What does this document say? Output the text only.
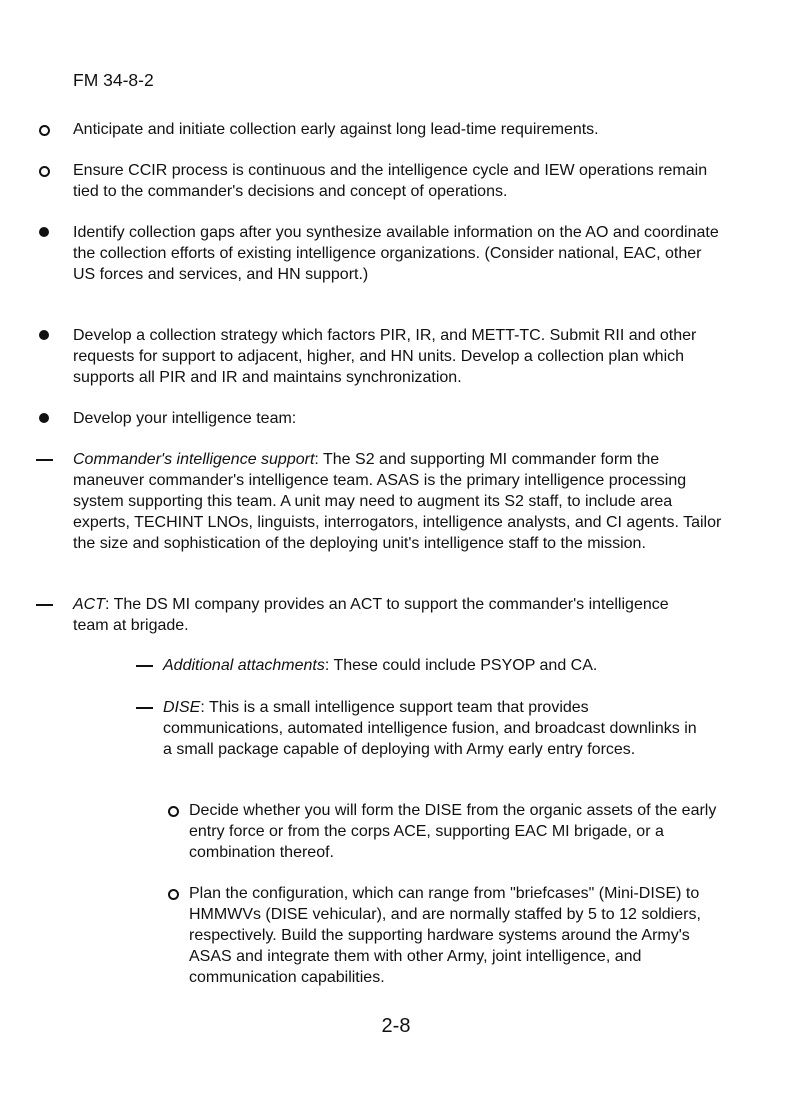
FM 34-8-2
Anticipate and initiate collection early against long lead-time requirements.
Ensure CCIR process is continuous and the intelligence cycle and IEW operations remain tied to the commander's decisions and concept of operations.
Identify collection gaps after you synthesize available information on the AO and coordinate the collection efforts of existing intelligence organizations. (Consider national, EAC, other US forces and services, and HN support.)
Develop a collection strategy which factors PIR, IR, and METT-TC. Submit RII and other requests for support to adjacent, higher, and HN units. Develop a collection plan which supports all PIR and IR and maintains synchronization.
Develop your intelligence team:
Commander's intelligence support: The S2 and supporting MI commander form the maneuver commander's intelligence team. ASAS is the primary intelligence processing system supporting this team. A unit may need to augment its S2 staff, to include area experts, TECHINT LNOs, linguists, interrogators, intelligence analysts, and CI agents. Tailor the size and sophistication of the deploying unit's intelligence staff to the mission.
ACT: The DS MI company provides an ACT to support the commander's intelligence team at brigade.
Additional attachments: These could include PSYOP and CA.
DISE: This is a small intelligence support team that provides communications, automated intelligence fusion, and broadcast downlinks in a small package capable of deploying with Army early entry forces.
Decide whether you will form the DISE from the organic assets of the early entry force or from the corps ACE, supporting EAC MI brigade, or a combination thereof.
Plan the configuration, which can range from "briefcases" (Mini-DISE) to HMMWVs (DISE vehicular), and are normally staffed by 5 to 12 soldiers, respectively. Build the supporting hardware systems around the Army's ASAS and integrate them with other Army, joint intelligence, and communication capabilities.
2-8
